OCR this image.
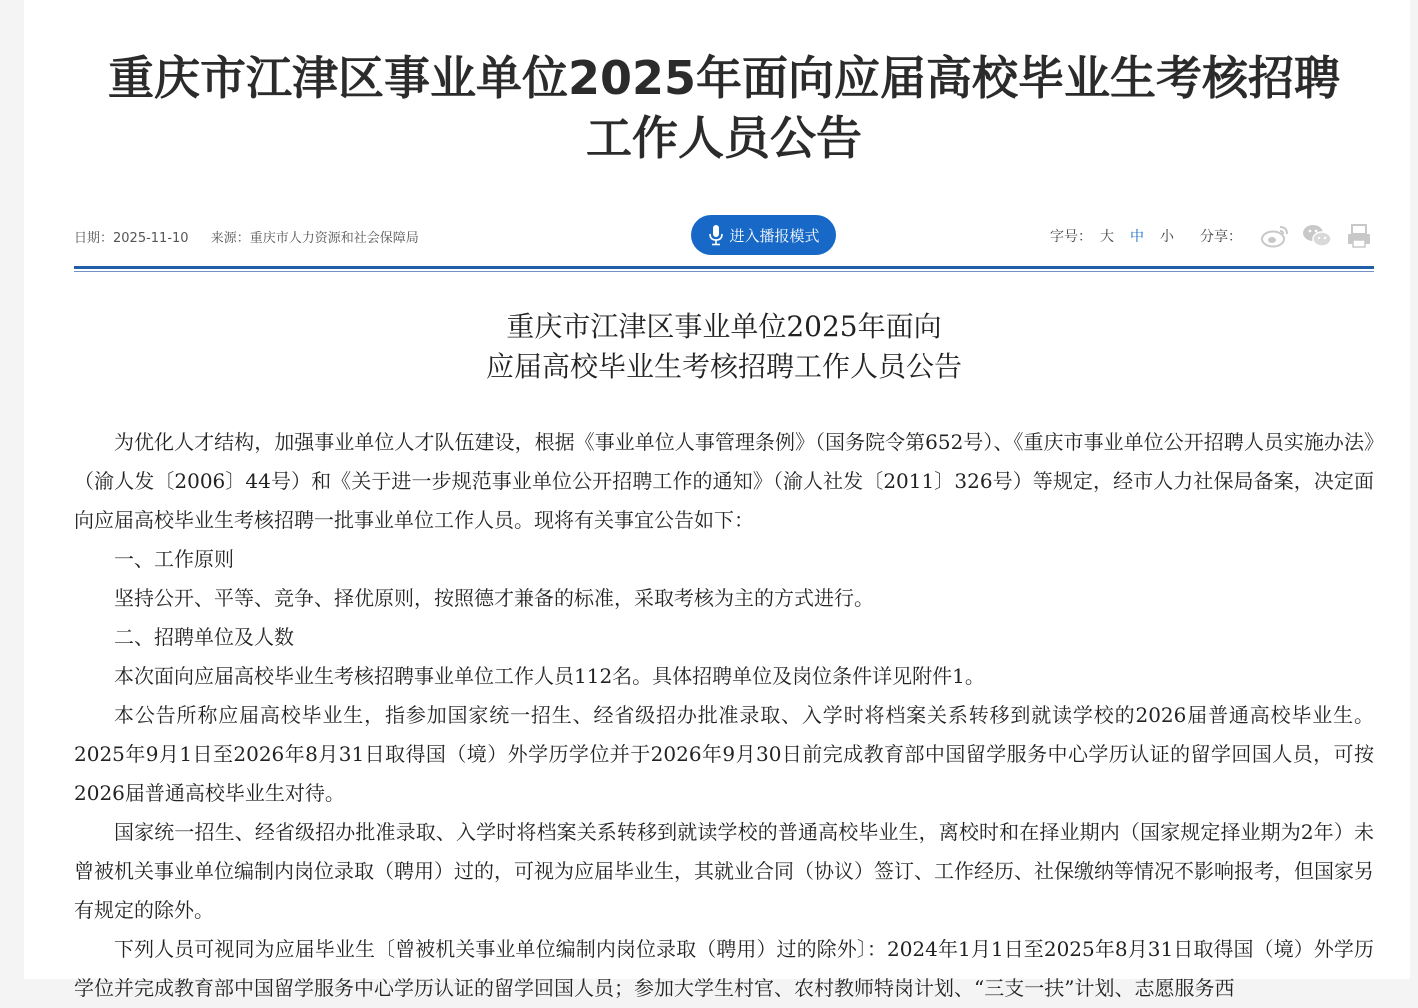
重庆市江津区事业单位2025年面向应届高校毕业生考核招聘
工作人员公告
日期：2025-11-10 来源：重庆市人力资源和社会保障局	进入播报模式	字号： 大 中 小 分享：
重庆市江津区事业单位2025年面向
应届高校毕业生考核招聘工作人员公告

为优化人才结构，加强事业单位人才队伍建设，根据《事业单位人事管理条例》（国务院令第652号）、《重庆市事业单位公开招聘人员实施办法》（渝人发〔2006〕44号）和《关于进一步规范事业单位公开招聘工作的通知》（渝人社发〔2011〕326号）等规定，经市人力社保局备案，决定面向应届高校毕业生考核招聘一批事业单位工作人员。现将有关事宜公告如下：

一、工作原则

坚持公开、平等、竞争、择优原则，按照德才兼备的标准，采取考核为主的方式进行。

二、招聘单位及人数

本次面向应届高校毕业生考核招聘事业单位工作人员112名。具体招聘单位及岗位条件详见附件1。

本公告所称应届高校毕业生，指参加国家统一招生、经省级招办批准录取、入学时将档案关系转移到就读学校的2026届普通高校毕业生。2025年9月1日至2026年8月31日取得国（境）外学历学位并于2026年9月30日前完成教育部中国留学服务中心学历认证的留学回国人员，可按2026届普通高校毕业生对待。

国家统一招生、经省级招办批准录取、入学时将档案关系转移到就读学校的普通高校毕业生，离校时和在择业期内（国家规定择业期为2年）未曾被机关事业单位编制内岗位录取（聘用）过的，可视为应届毕业生，其就业合同（协议）签订、工作经历、社保缴纳等情况不影响报考，但国家另有规定的除外。

下列人员可视同为应届毕业生〔曾被机关事业单位编制内岗位录取（聘用）过的除外〕：2024年1月1日至2025年8月31日取得国（境）外学历学位并完成教育部中国留学服务中心学历认证的留学回国人员；参加大学生村官、农村教师特岗计划、“三支一扶”计划、志愿服务西
